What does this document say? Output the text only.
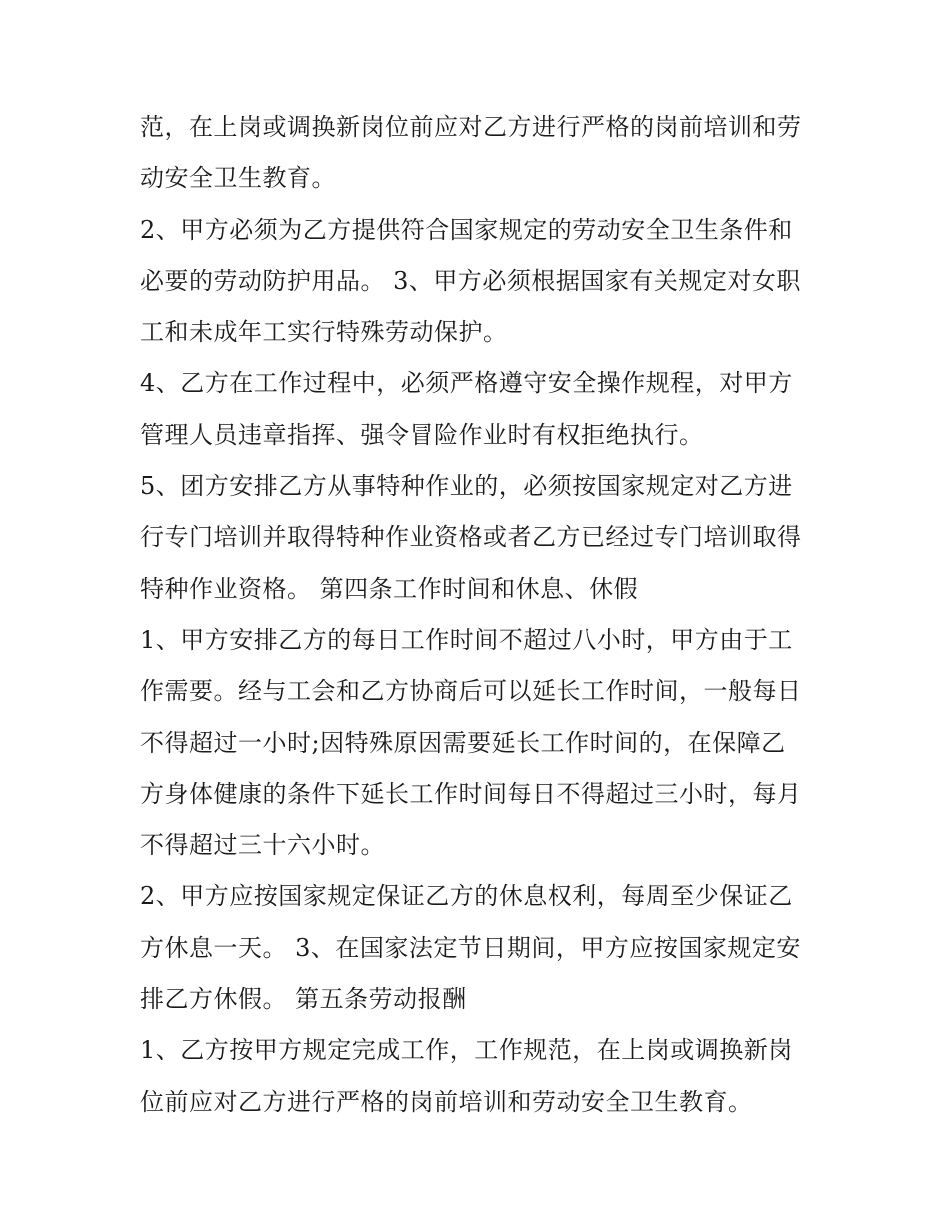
范，在上岗或调换新岗位前应对乙方进行严格的岗前培训和劳
动安全卫生教育。
2、甲方必须为乙方提供符合国家规定的劳动安全卫生条件和
必要的劳动防护用品。 3、甲方必须根据国家有关规定对女职
工和未成年工实行特殊劳动保护。
4、乙方在工作过程中，必须严格遵守安全操作规程，对甲方
管理人员违章指挥、强令冒险作业时有权拒绝执行。
5、团方安排乙方从事特种作业的，必须按国家规定对乙方进
行专门培训并取得特种作业资格或者乙方已经过专门培训取得
特种作业资格。 第四条工作时间和休息、休假
1、甲方安排乙方的每日工作时间不超过八小时，甲方由于工
作需要。经与工会和乙方协商后可以延长工作时间，一般每日
不得超过一小时;因特殊原因需要延长工作时间的，在保障乙
方身体健康的条件下延长工作时间每日不得超过三小时，每月
不得超过三十六小时。
2、甲方应按国家规定保证乙方的休息权利，每周至少保证乙
方休息一天。 3、在国家法定节日期间，甲方应按国家规定安
排乙方休假。 第五条劳动报酬
1、乙方按甲方规定完成工作，工作规范，在上岗或调换新岗
位前应对乙方进行严格的岗前培训和劳动安全卫生教育。
